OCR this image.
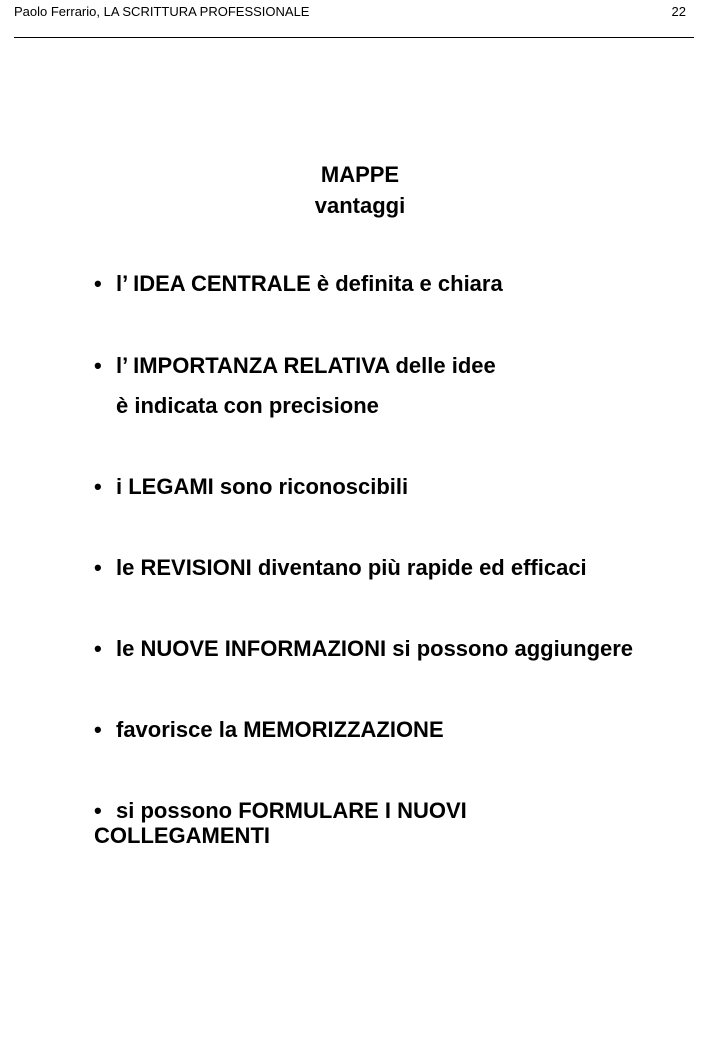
Paolo Ferrario, LA SCRITTURA PROFESSIONALE	22
MAPPE
vantaggi
• l’ IDEA CENTRALE è definita e chiara
• l’ IMPORTANZA RELATIVA delle idee
è indicata con precisione
• i LEGAMI sono riconoscibili
• le REVISIONI diventano più rapide ed efficaci
• le NUOVE INFORMAZIONI si possono aggiungere
• favorisce la MEMORIZZAZIONE
• si possono FORMULARE I NUOVI
COLLEGAMENTI
